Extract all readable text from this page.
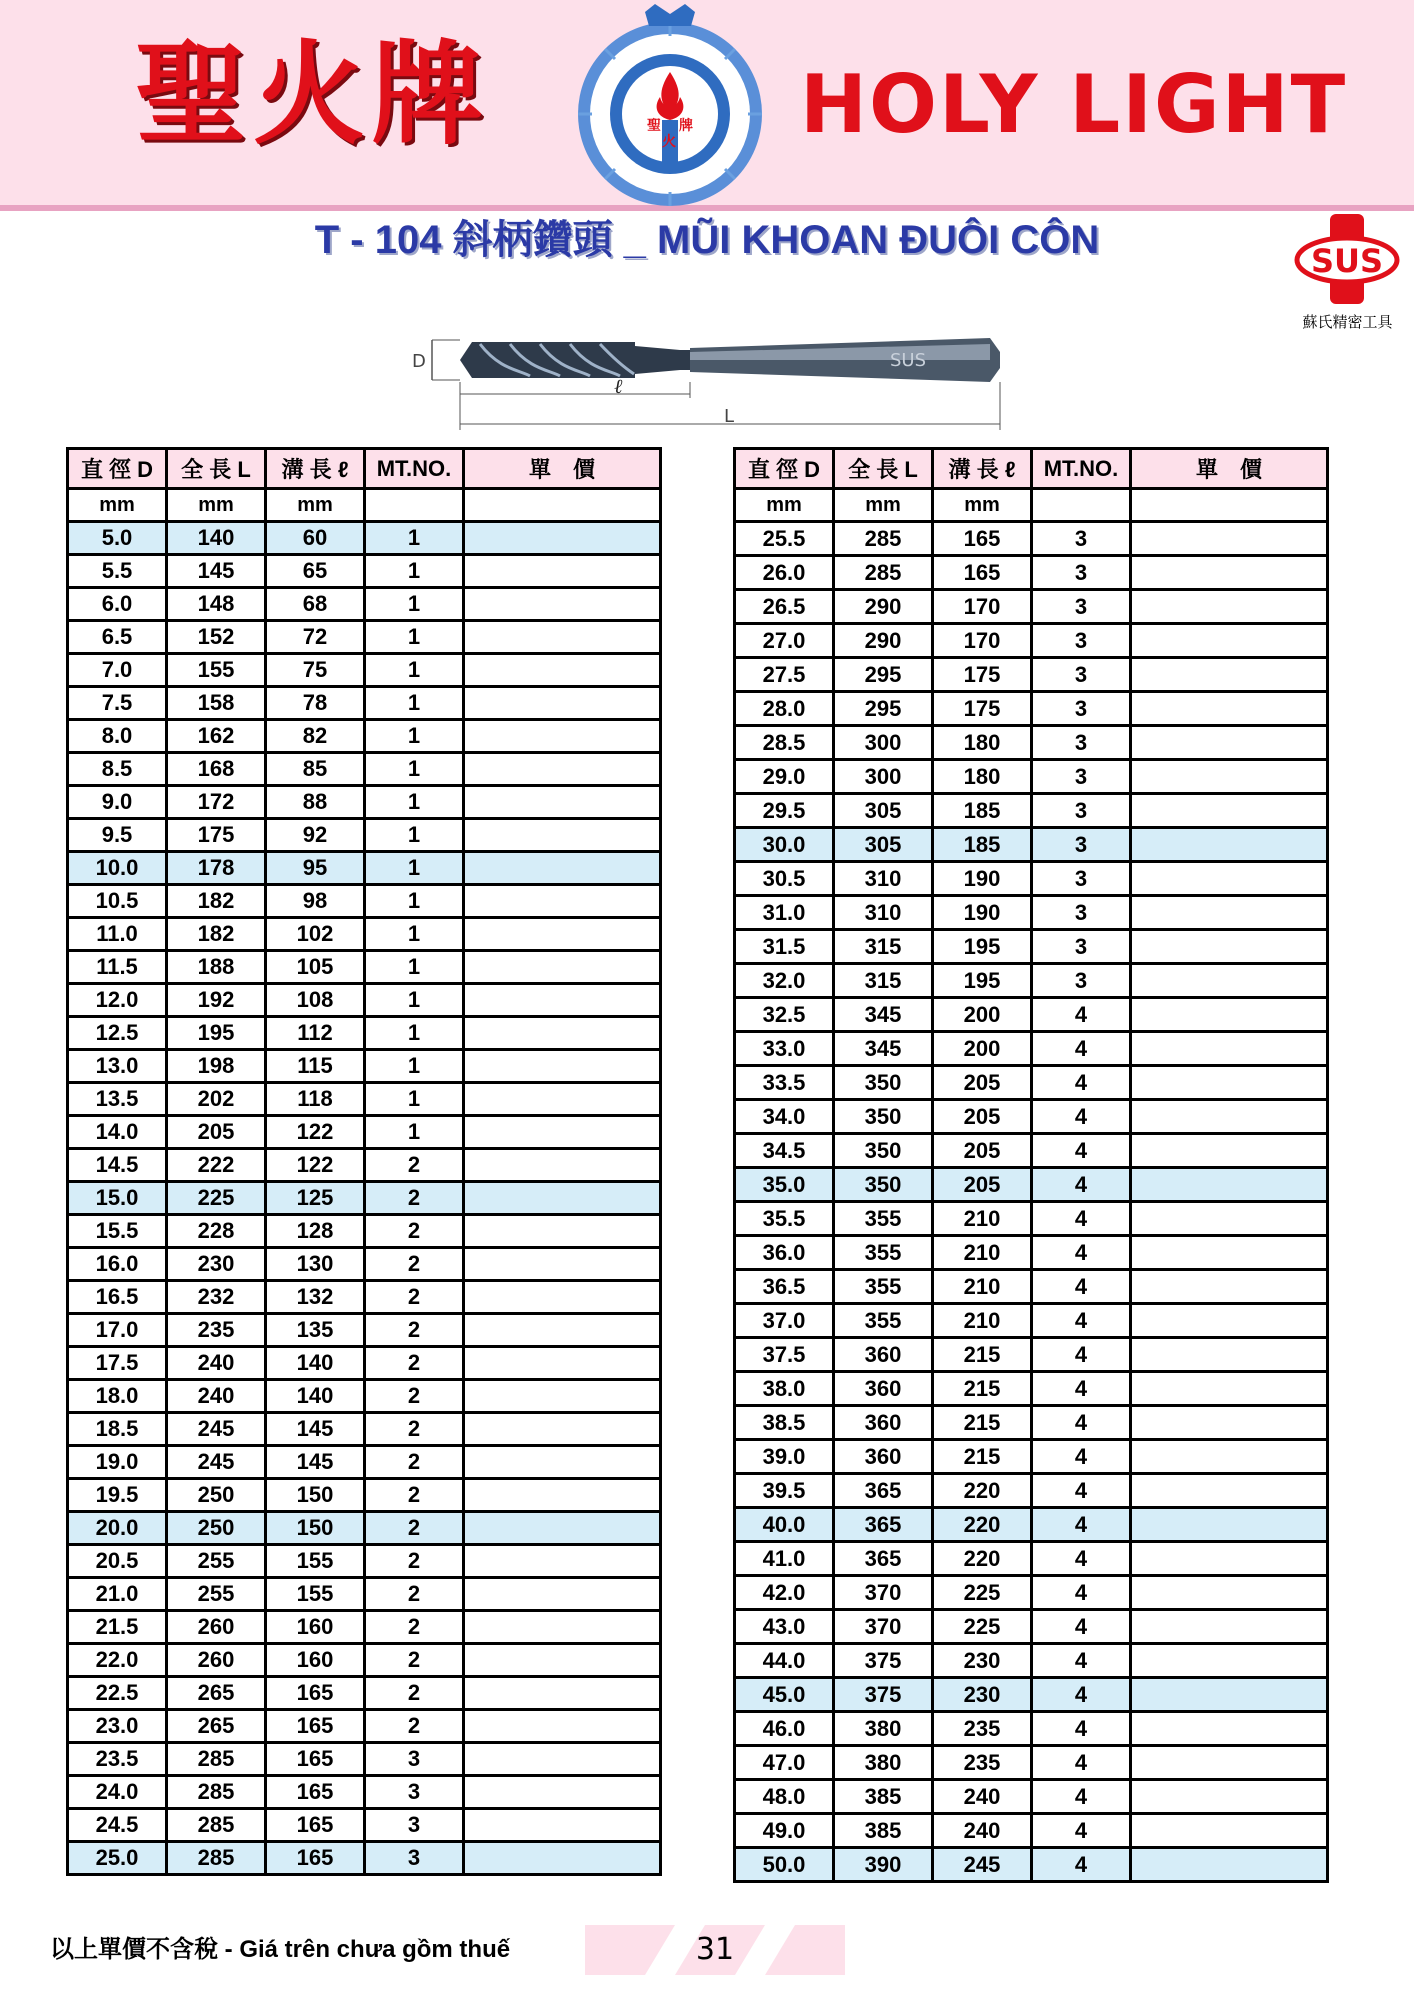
聖火牌	聖
火
牌 HOLY LIGHT
T - 104 斜柄鑽頭 _ MŨI KHOAN ĐUÔI CÔN	SUS
蘇氏精密工具
D	SUS
ℓ
L
直 徑 D	全 長 L	溝 長 ℓ	MT.NO.	單　價
mm	mm	mm		
5.0	140	60	1	
5.5	145	65	1	
6.0	148	68	1	
6.5	152	72	1	
7.0	155	75	1	
7.5	158	78	1	
8.0	162	82	1	
8.5	168	85	1	
9.0	172	88	1	
9.5	175	92	1	
10.0	178	95	1	
10.5	182	98	1	
11.0	182	102	1	
11.5	188	105	1	
12.0	192	108	1	
12.5	195	112	1	
13.0	198	115	1	
13.5	202	118	1	
14.0	205	122	1	
14.5	222	122	2	
15.0	225	125	2	
15.5	228	128	2	
16.0	230	130	2	
16.5	232	132	2	
17.0	235	135	2	
17.5	240	140	2	
18.0	240	140	2	
18.5	245	145	2	
19.0	245	145	2	
19.5	250	150	2	
20.0	250	150	2	
20.5	255	155	2	
21.0	255	155	2	
21.5	260	160	2	
22.0	260	160	2	
22.5	265	165	2	
23.0	265	165	2	
23.5	285	165	3	
24.0	285	165	3	
24.5	285	165	3	
25.0	285	165	3	
直 徑 D	全 長 L	溝 長 ℓ	MT.NO.	單　價
mm	mm	mm		
25.5	285	165	3	
26.0	285	165	3	
26.5	290	170	3	
27.0	290	170	3	
27.5	295	175	3	
28.0	295	175	3	
28.5	300	180	3	
29.0	300	180	3	
29.5	305	185	3	
30.0	305	185	3	
30.5	310	190	3	
31.0	310	190	3	
31.5	315	195	3	
32.0	315	195	3	
32.5	345	200	4	
33.0	345	200	4	
33.5	350	205	4	
34.0	350	205	4	
34.5	350	205	4	
35.0	350	205	4	
35.5	355	210	4	
36.0	355	210	4	
36.5	355	210	4	
37.0	355	210	4	
37.5	360	215	4	
38.0	360	215	4	
38.5	360	215	4	
39.0	360	215	4	
39.5	365	220	4	
40.0	365	220	4	
41.0	365	220	4	
42.0	370	225	4	
43.0	370	225	4	
44.0	375	230	4	
45.0	375	230	4	
46.0	380	235	4	
47.0	380	235	4	
48.0	385	240	4	
49.0	385	240	4	
50.0	390	245	4	
以上單價不含稅 - Giá trên chưa gồm thuế	31
